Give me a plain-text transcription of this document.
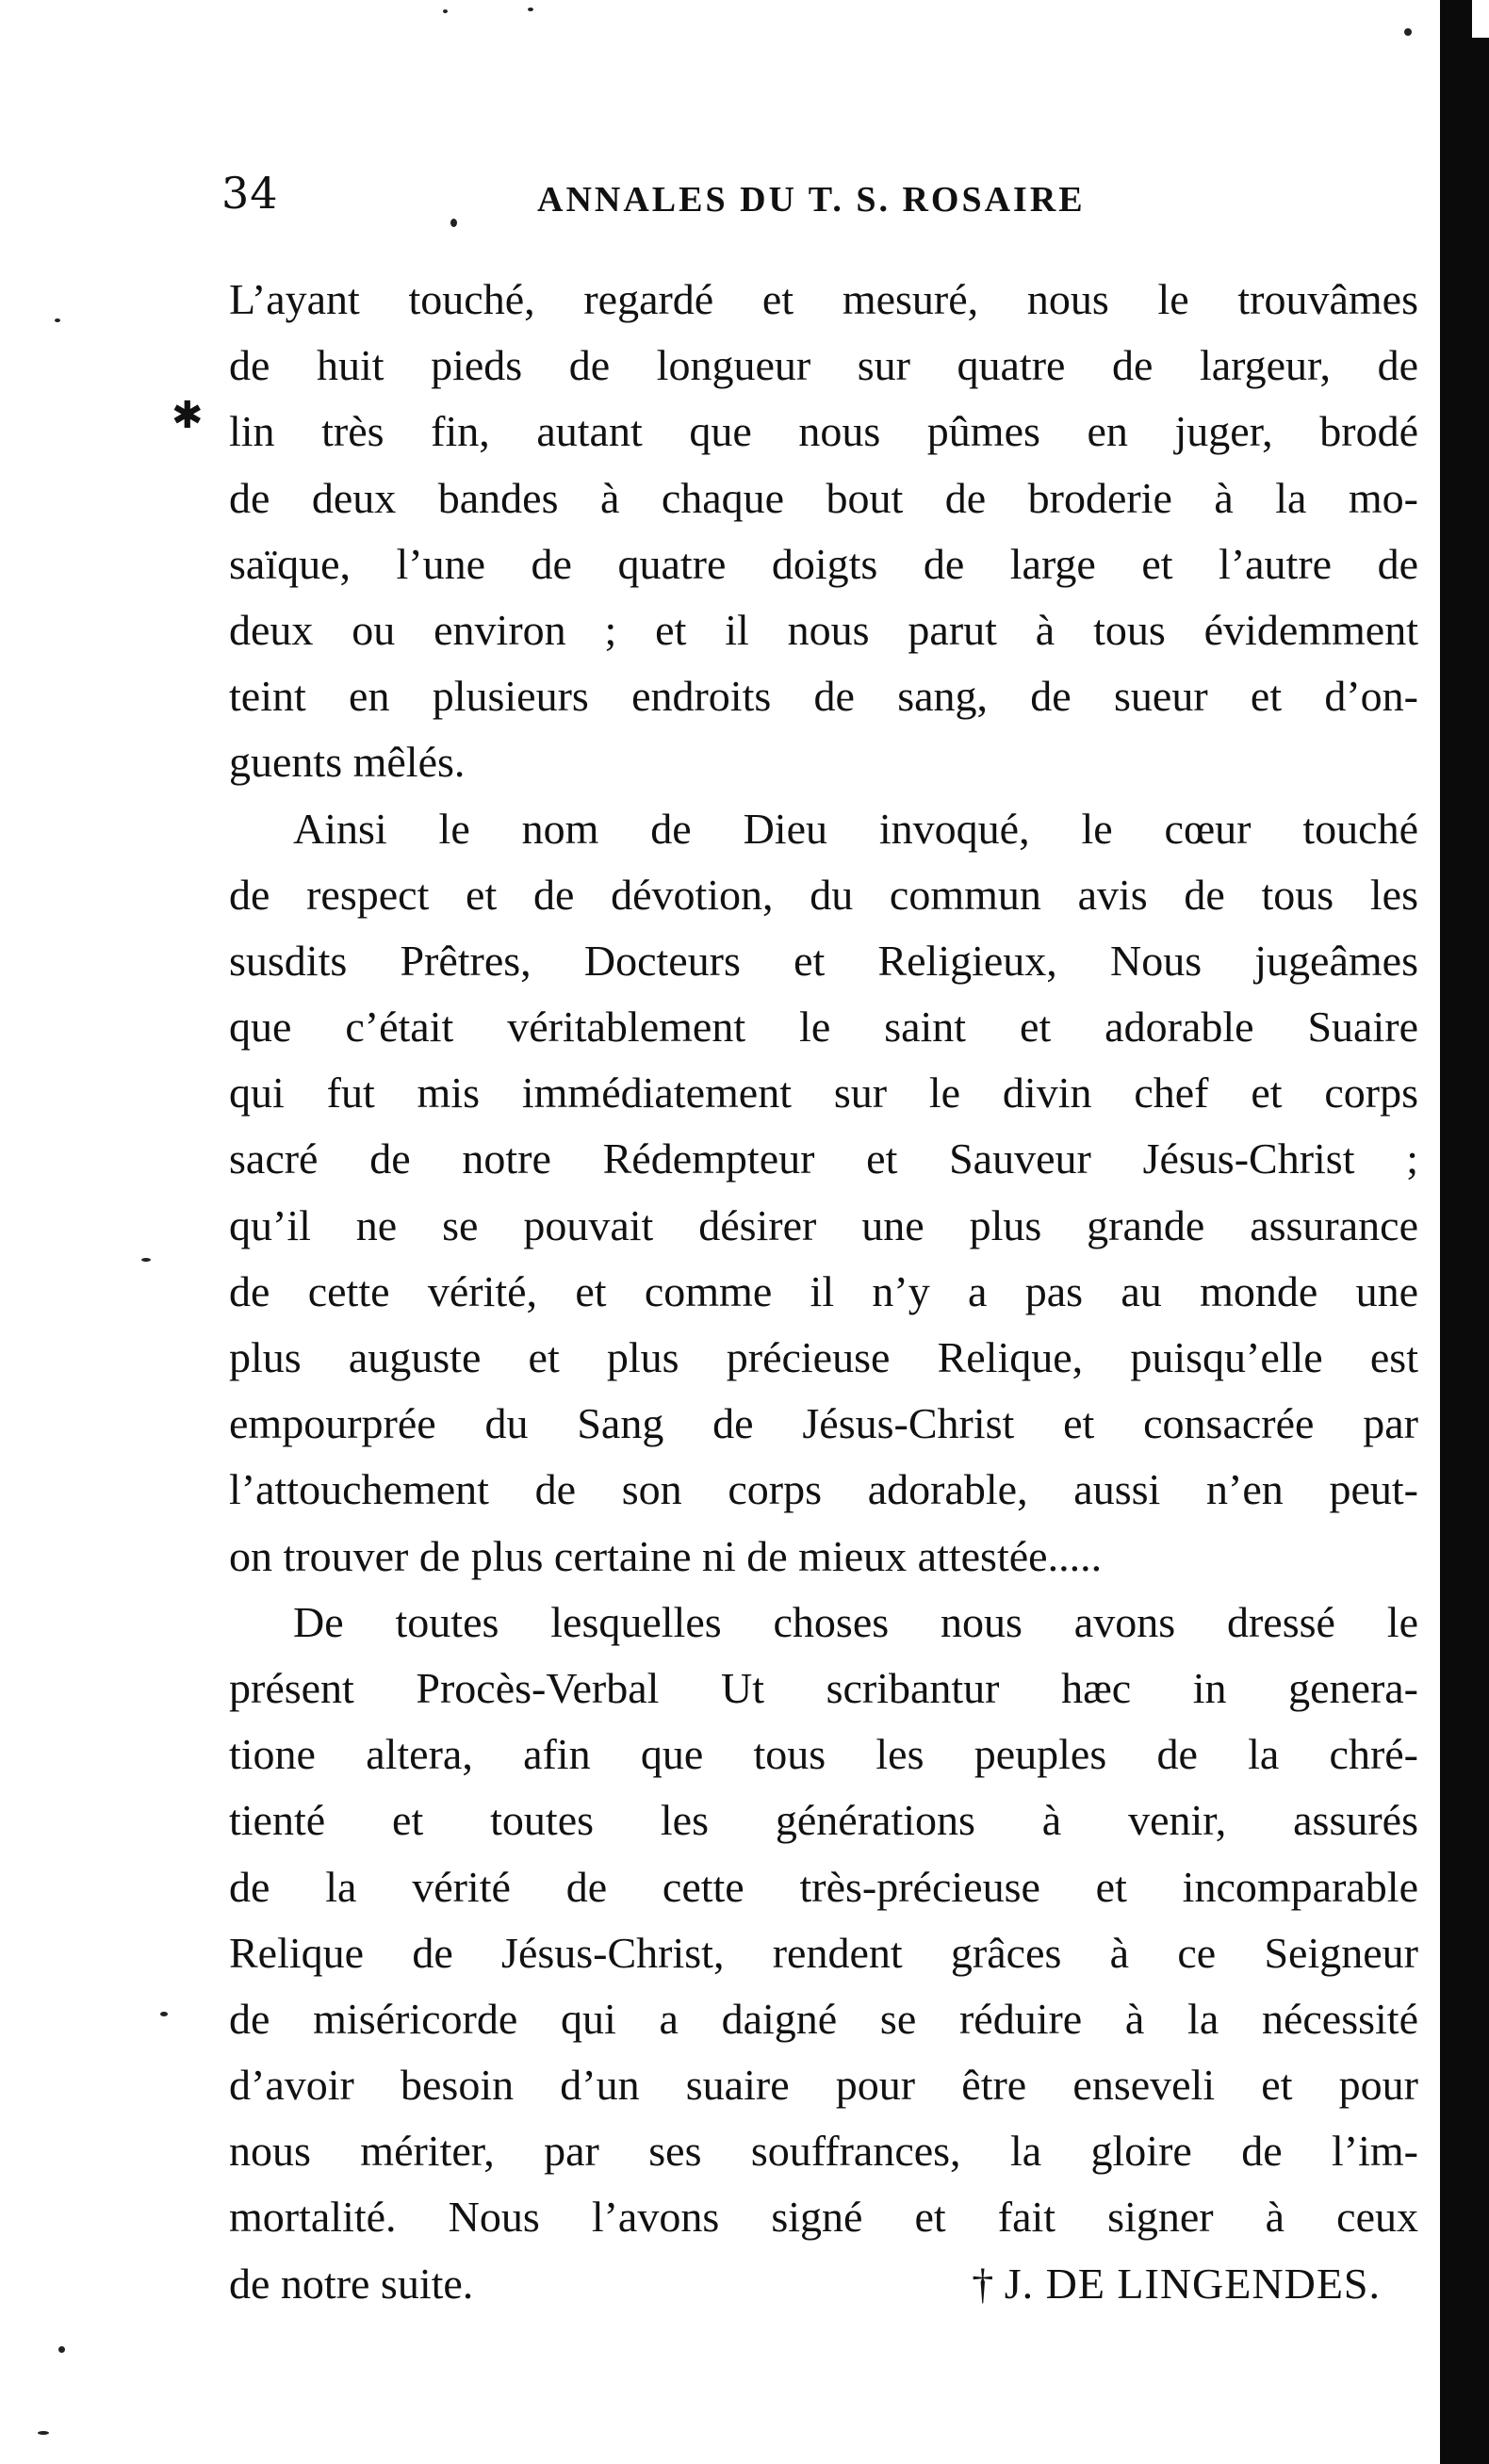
✱
34	ANNALES DU T. S. ROSAIRE
L’ayant touché, regardé et mesuré, nous le trouvâmes
de huit pieds de longueur sur quatre de largeur, de
lin très fin, autant que nous pûmes en juger, brodé
de deux bandes à chaque bout de broderie à la mo-
saïque, l’une de quatre doigts de large et l’autre de
deux ou environ ; et il nous parut à tous évidemment
teint en plusieurs endroits de sang, de sueur et d’on-
guents mêlés.
Ainsi le nom de Dieu invoqué, le cœur touché
de respect et de dévotion, du commun avis de tous les
susdits Prêtres, Docteurs et Religieux, Nous jugeâmes
que c’était véritablement le saint et adorable Suaire
qui fut mis immédiatement sur le divin chef et corps
sacré de notre Rédempteur et Sauveur Jésus-Christ ;
qu’il ne se pouvait désirer une plus grande assurance
de cette vérité, et comme il n’y a pas au monde une
plus auguste et plus précieuse Relique, puisqu’elle est
empourprée du Sang de Jésus-Christ et consacrée par
l’attouchement de son corps adorable, aussi n’en peut-
on trouver de plus certaine ni de mieux attestée.....
De toutes lesquelles choses nous avons dressé le
présent Procès-Verbal Ut scribantur hæc in genera-
tione altera, afin que tous les peuples de la chré-
tienté et toutes les générations à venir, assurés
de la vérité de cette très-précieuse et incomparable
Relique de Jésus-Christ, rendent grâces à ce Seigneur
de miséricorde qui a daigné se réduire à la nécessité
d’avoir besoin d’un suaire pour être enseveli et pour
nous mériter, par ses souffrances, la gloire de l’im-
mortalité. Nous l’avons signé et fait signer à ceux
de notre suite.	† J. DE LINGENDES.
